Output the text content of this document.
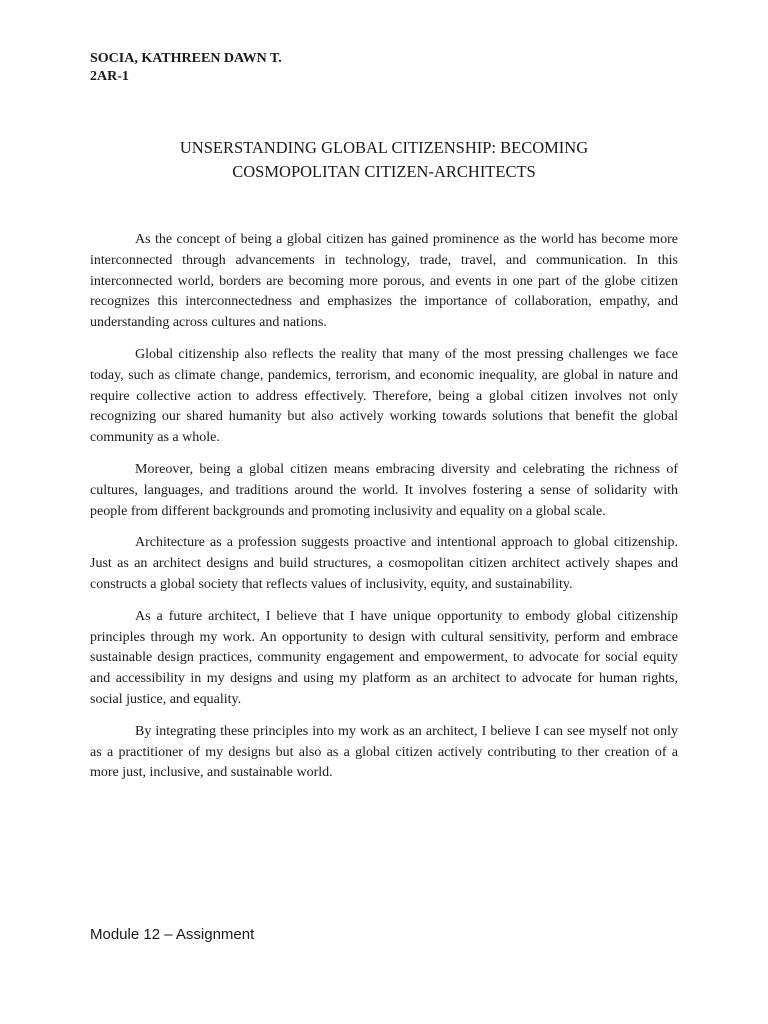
SOCIA, KATHREEN DAWN T.
2AR-1
UNSERSTANDING GLOBAL CITIZENSHIP: BECOMING
COSMOPOLITAN CITIZEN-ARCHITECTS

As the concept of being a global citizen has gained prominence as the world has become more interconnected through advancements in technology, trade, travel, and communication. In this interconnected world, borders are becoming more porous, and events in one part of the globe citizen recognizes this interconnectedness and emphasizes the importance of collaboration, empathy, and understanding across cultures and nations.

Global citizenship also reflects the reality that many of the most pressing challenges we face today, such as climate change, pandemics, terrorism, and economic inequality, are global in nature and require collective action to address effectively. Therefore, being a global citizen involves not only recognizing our shared humanity but also actively working towards solutions that benefit the global community as a whole.

Moreover, being a global citizen means embracing diversity and celebrating the richness of cultures, languages, and traditions around the world. It involves fostering a sense of solidarity with people from different backgrounds and promoting inclusivity and equality on a global scale.

Architecture as a profession suggests proactive and intentional approach to global citizenship. Just as an architect designs and build structures, a cosmopolitan citizen architect actively shapes and constructs a global society that reflects values of inclusivity, equity, and sustainability.

As a future architect, I believe that I have unique opportunity to embody global citizenship principles through my work. An opportunity to design with cultural sensitivity, perform and embrace sustainable design practices, community engagement and empowerment, to advocate for social equity and accessibility in my designs and using my platform as an architect to advocate for human rights, social justice, and equality.

By integrating these principles into my work as an architect, I believe I can see myself not only as a practitioner of my designs but also as a global citizen actively contributing to ther creation of a more just, inclusive, and sustainable world.

Module 12 – Assignment
